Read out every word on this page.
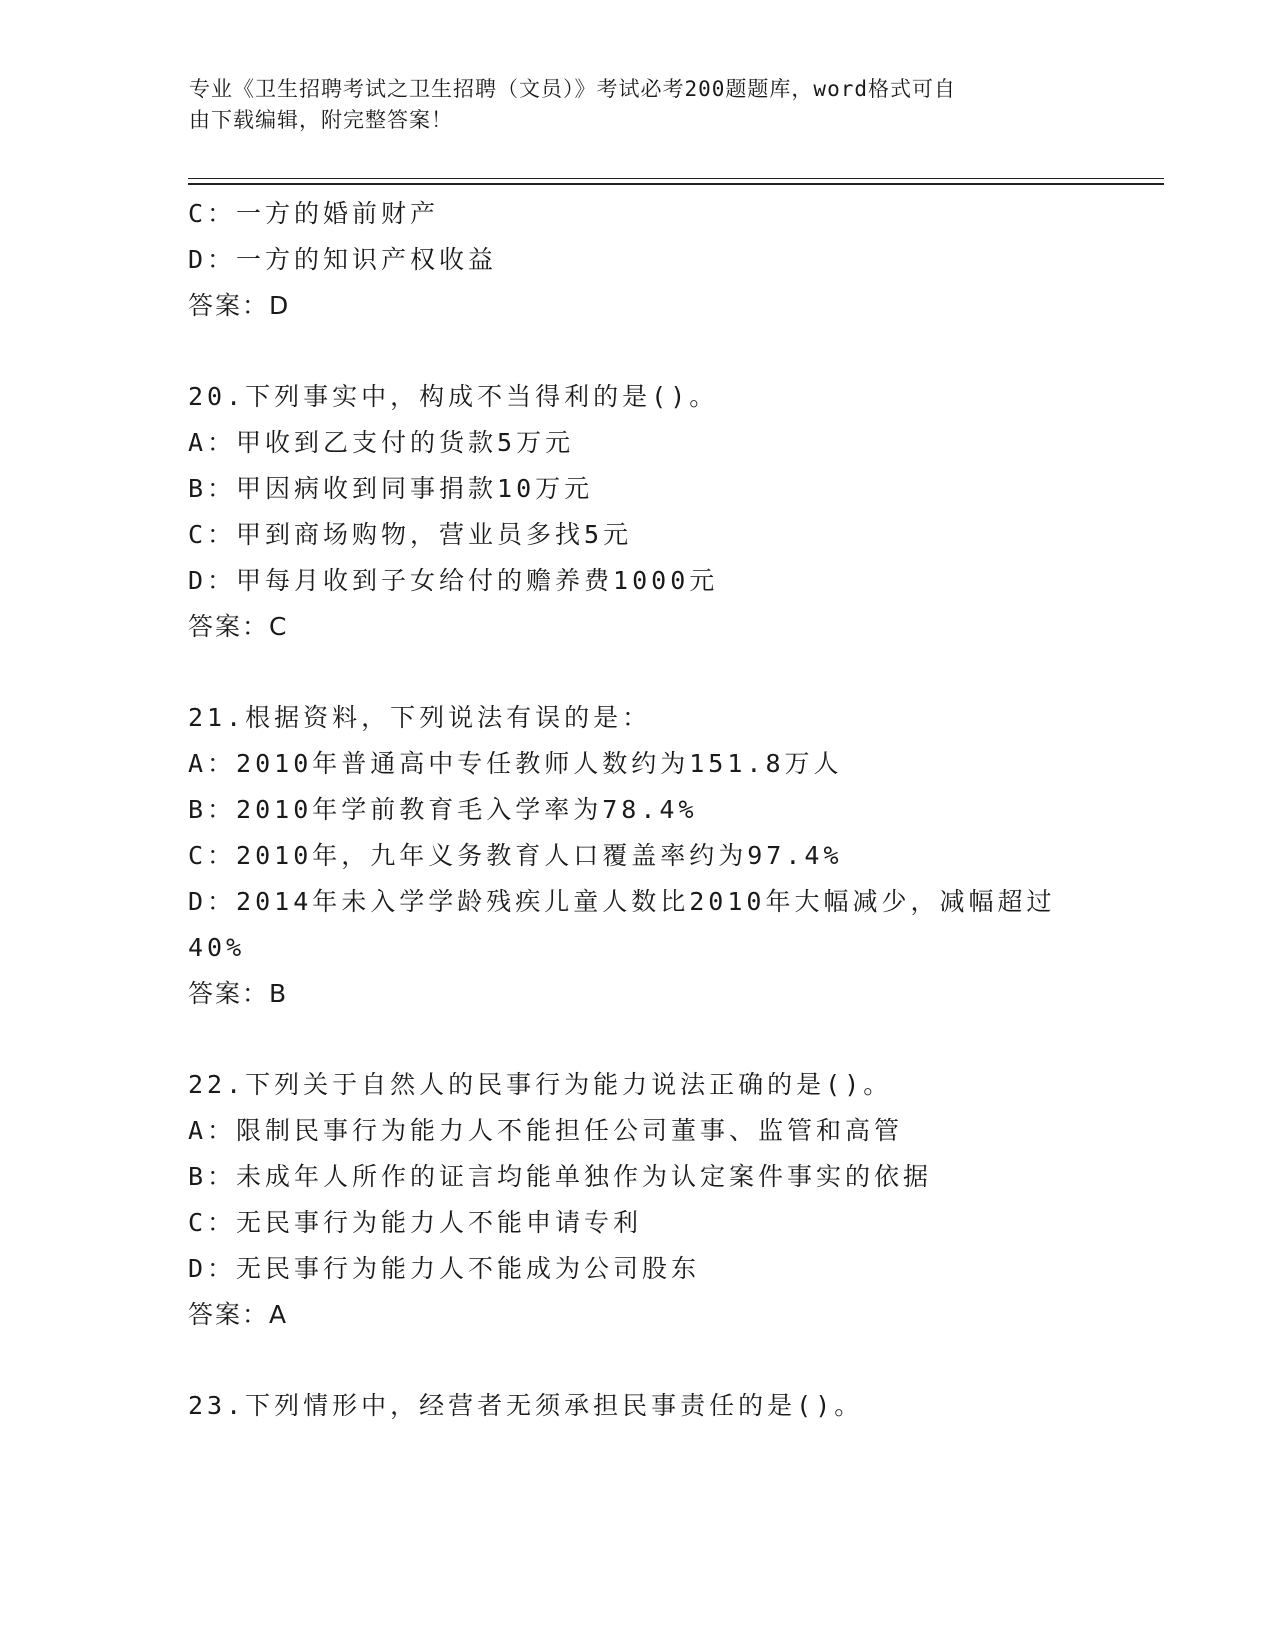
专业《卫生招聘考试之卫生招聘（文员）》考试必考200题题库，word格式可自
由下载编辑，附完整答案！
C：一方的婚前财产
D：一方的知识产权收益
答案：D
20.下列事实中，构成不当得利的是()。
A：甲收到乙支付的货款5万元
B：甲因病收到同事捐款10万元
C：甲到商场购物，营业员多找5元
D：甲每月收到子女给付的赡养费1000元
答案：C
21.根据资料，下列说法有误的是：
A：2010年普通高中专任教师人数约为151.8万人
B：2010年学前教育毛入学率为78.4%
C：2010年，九年义务教育人口覆盖率约为97.4%
D：2014年未入学学龄残疾儿童人数比2010年大幅减少，减幅超过
40%
答案：B
22.下列关于自然人的民事行为能力说法正确的是()。
A：限制民事行为能力人不能担任公司董事、监管和高管
B：未成年人所作的证言均能单独作为认定案件事实的依据
C：无民事行为能力人不能申请专利
D：无民事行为能力人不能成为公司股东
答案：A
23.下列情形中，经营者无须承担民事责任的是()。
